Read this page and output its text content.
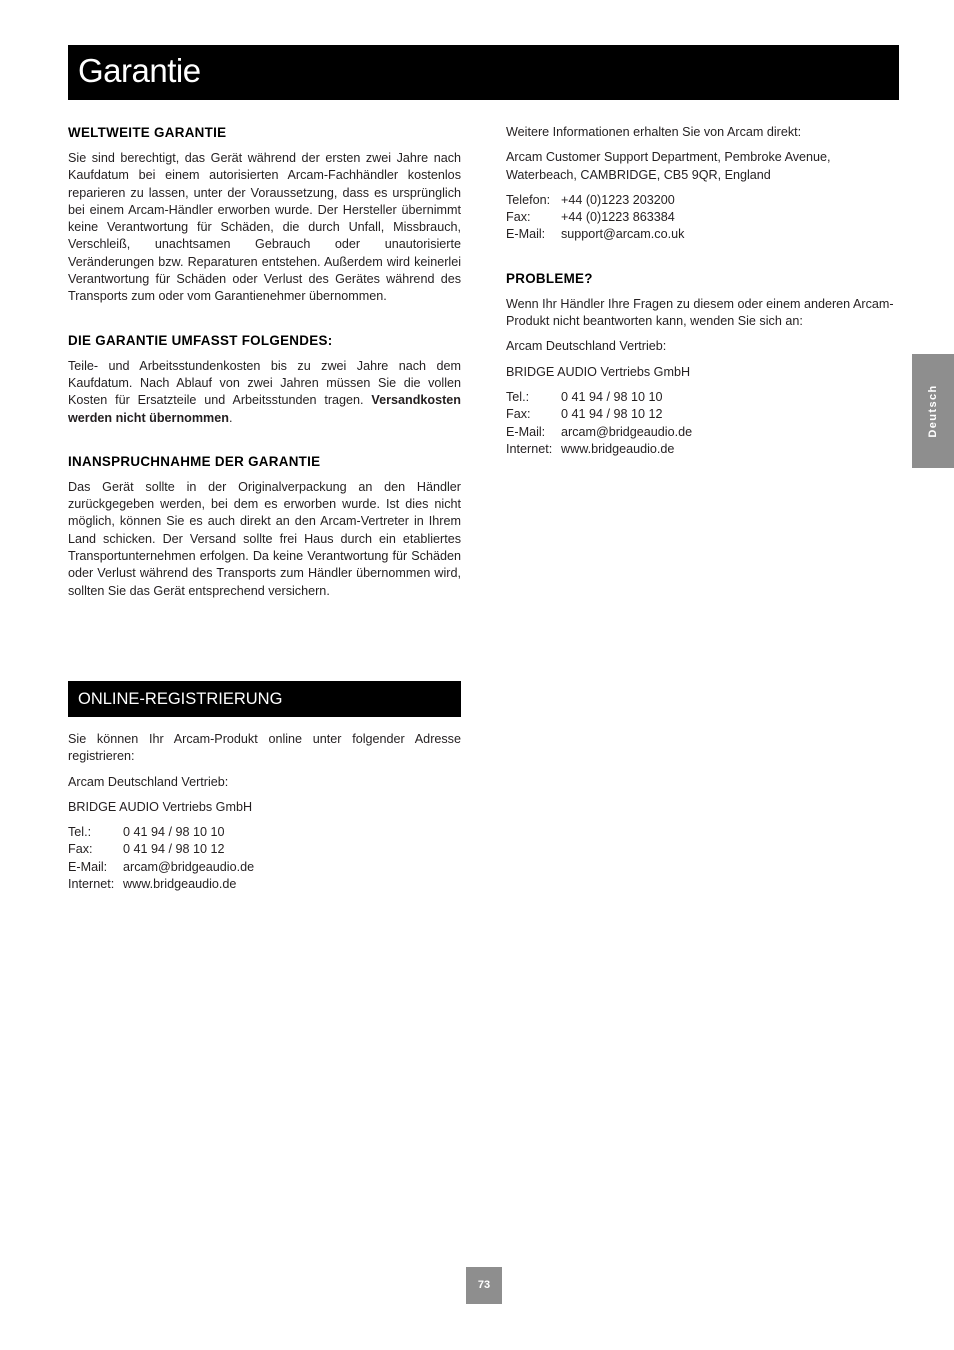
Garantie
Deutsch
WELTWEITE GARANTIE

Sie sind berechtigt, das Gerät während der ersten zwei Jahre nach Kaufdatum bei einem autorisierten Arcam-Fachhändler kostenlos reparieren zu lassen, unter der Voraussetzung, dass es ursprünglich bei einem Arcam-Händler erworben wurde. Der Hersteller übernimmt keine Verantwortung für Schäden, die durch Unfall, Missbrauch, Verschleiß, unachtsamen Gebrauch oder unautorisierte Veränderungen bzw. Reparaturen entstehen. Außerdem wird keinerlei Verantwortung für Schäden oder Verlust des Gerätes während des Transports zum oder vom Garantienehmer übernommen.

DIE GARANTIE UMFASST FOLGENDES:

Teile- und Arbeitsstundenkosten bis zu zwei Jahre nach dem Kaufdatum. Nach Ablauf von zwei Jahren müssen Sie die vollen Kosten für Ersatzteile und Arbeitsstunden tragen. Versandkosten werden nicht übernommen.

INANSPRUCHNAHME DER GARANTIE

Das Gerät sollte in der Originalverpackung an den Händler zurückgegeben werden, bei dem es erworben wurde. Ist dies nicht möglich, können Sie es auch direkt an den Arcam-Vertreter in Ihrem Land schicken. Der Versand sollte frei Haus durch ein etabliertes Transportunternehmen erfolgen. Da keine Verantwortung für Schäden oder Verlust während des Transports zum Händler übernommen wird, sollten Sie das Gerät entsprechend versichern.

ONLINE-REGISTRIERUNG

Sie können Ihr Arcam-Produkt online unter folgender Adresse registrieren:

Arcam Deutschland Vertrieb:

BRIDGE AUDIO Vertriebs GmbH

Tel.:	0 41 94 / 98 10 10
Fax:	0 41 94 / 98 10 12
E-Mail:	arcam@bridgeaudio.de
Internet: www.bridgeaudio.de

Weitere Informationen erhalten Sie von Arcam direkt:

Arcam Customer Support Department, Pembroke Avenue, Waterbeach, CAMBRIDGE, CB5 9QR, England

Telefon: +44 (0)1223 203200
Fax:	+44 (0)1223 863384
E-Mail:	support@arcam.co.uk
PROBLEME?

Wenn Ihr Händler Ihre Fragen zu diesem oder einem anderen Arcam-Produkt nicht beantworten kann, wenden Sie sich an:

Arcam Deutschland Vertrieb:

BRIDGE AUDIO Vertriebs GmbH

Tel.:	0 41 94 / 98 10 10
Fax:	0 41 94 / 98 10 12
E-Mail:	arcam@bridgeaudio.de
Internet: www.bridgeaudio.de
73
